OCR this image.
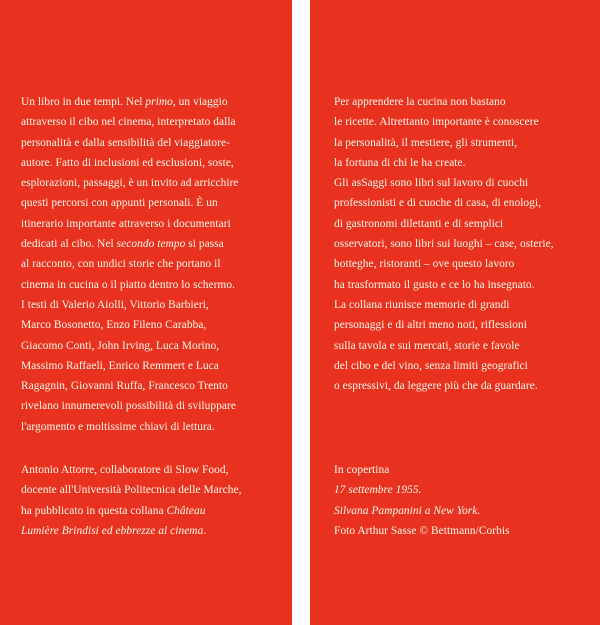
Un libro in due tempi. Nel primo, un viaggio
attraverso il cibo nel cinema, interpretato dalla
personalità e dalla sensibilità del viaggiatore-
autore. Fatto di inclusioni ed esclusioni, soste,
esplorazioni, passaggi, è un invito ad arricchire
questi percorsi con appunti personali. È un
itinerario importante attraverso i documentari
dedicati al cibo. Nel secondo tempo si passa
al racconto, con undici storie che portano il
cinema in cucina o il piatto dentro lo schermo.
I testi di Valerio Aiolli, Vittorio Barbieri,
Marco Bosonetto, Enzo Fileno Carabba,
Giacomo Conti, John Irving, Luca Morino,
Massimo Raffaeli, Enrico Remmert e Luca
Ragagnin, Giovanni Ruffa, Francesco Trento
rivelano innumerevoli possibilità di sviluppare
l'argomento e moltissime chiavi di lettura.
Antonio Attorre, collaboratore di Slow Food,
docente all'Università Politecnica delle Marche,
ha pubblicato in questa collana Château
Lumière Brindisi ed ebbrezze al cinema.
Per apprendere la cucina non bastano
le ricette. Altrettanto importante è conoscere
la personalità, il mestiere, gli strumenti,
la fortuna di chi le ha create.
Gli asSaggi sono libri sul lavoro di cuochi
professionisti e di cuoche di casa, di enologi,
di gastronomi dilettanti e di semplici
osservatori, sono libri sui luoghi – case, osterie,
botteghe, ristoranti – ove questo lavoro
ha trasformato il gusto e ce lo ha insegnato.
La collana riunisce memorie di grandi
personaggi e di altri meno noti, riflessioni
sulla tavola e sui mercati, storie e favole
del cibo e del vino, senza limiti geografici
o espressivi, da leggere più che da guardare.
In copertina
17 settembre 1955.
Silvana Pampanini a New York.
Foto Arthur Sasse © Bettmann/Corbis
